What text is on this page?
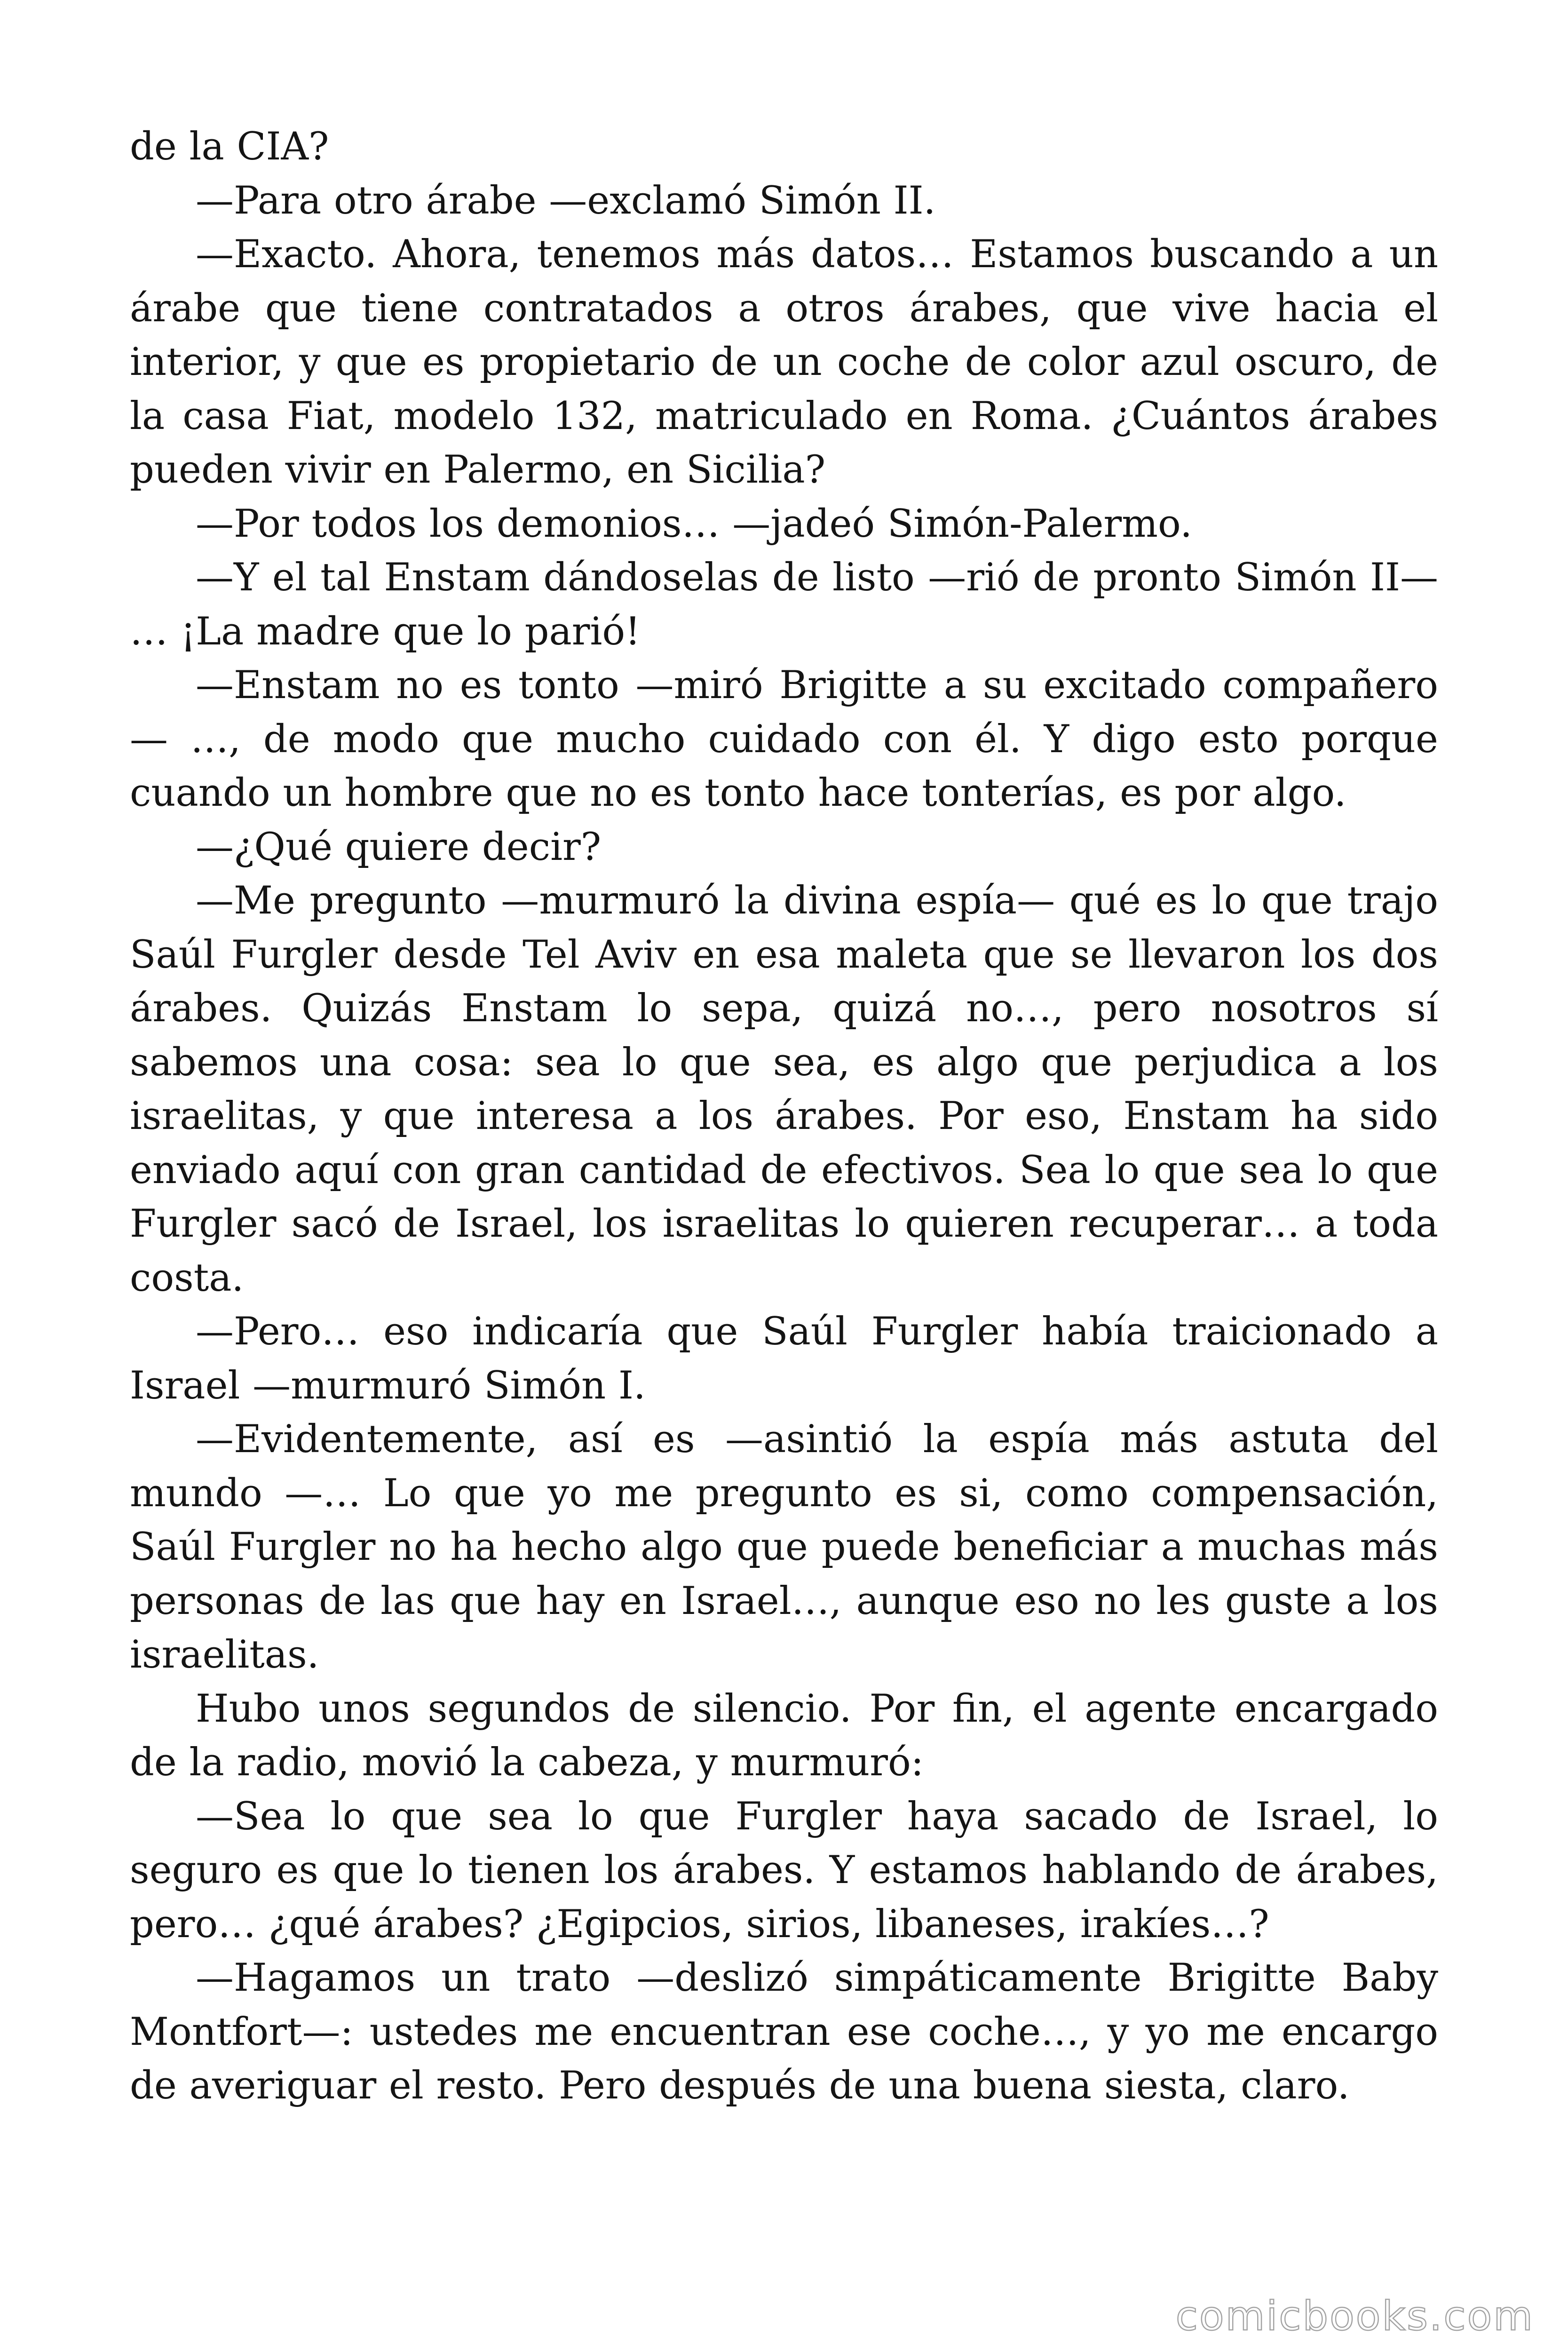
de la CIA?

—Para otro árabe —exclamó Simón II.

—Exacto. Ahora, tenemos más datos… Estamos buscando a un árabe que tiene contratados a otros árabes, que vive hacia el interior, y que es propietario de un coche de color azul oscuro, de la casa Fiat, modelo 132, matriculado en Roma. ¿Cuántos árabes pueden vivir en Palermo, en Sicilia?

—Por todos los demonios… —jadeó Simón-Palermo.

—Y el tal Enstam dándoselas de listo —rió de pronto Simón II— … ¡La madre que lo parió!

—Enstam no es tonto —miró Brigitte a su excitado compañero— …, de modo que mucho cuidado con él. Y digo esto porque cuando un hombre que no es tonto hace tonterías, es por algo.

—¿Qué quiere decir?

—Me pregunto —murmuró la divina espía— qué es lo que trajo Saúl Furgler desde Tel Aviv en esa maleta que se llevaron los dos árabes. Quizás Enstam lo sepa, quizá no…, pero nosotros sí sabemos una cosa: sea lo que sea, es algo que perjudica a los israelitas, y que interesa a los árabes. Por eso, Enstam ha sido enviado aquí con gran cantidad de efectivos. Sea lo que sea lo que Furgler sacó de Israel, los israelitas lo quieren recuperar… a toda costa.

—Pero… eso indicaría que Saúl Furgler había traicionado a Israel —murmuró Simón I.

—Evidentemente, así es —asintió la espía más astuta del mundo —… Lo que yo me pregunto es si, como compensación, Saúl Furgler no ha hecho algo que puede beneficiar a muchas más personas de las que hay en Israel…, aunque eso no les guste a los israelitas.

Hubo unos segundos de silencio. Por fin, el agente encargado de la radio, movió la cabeza, y murmuró:

—Sea lo que sea lo que Furgler haya sacado de Israel, lo seguro es que lo tienen los árabes. Y estamos hablando de árabes, pero… ¿qué árabes? ¿Egipcios, sirios, libaneses, irakíes…?

—Hagamos un trato —deslizó simpáticamente Brigitte Baby Montfort—: ustedes me encuentran ese coche…, y yo me encargo de averiguar el resto. Pero después de una buena siesta, claro.

comicbooks.com
